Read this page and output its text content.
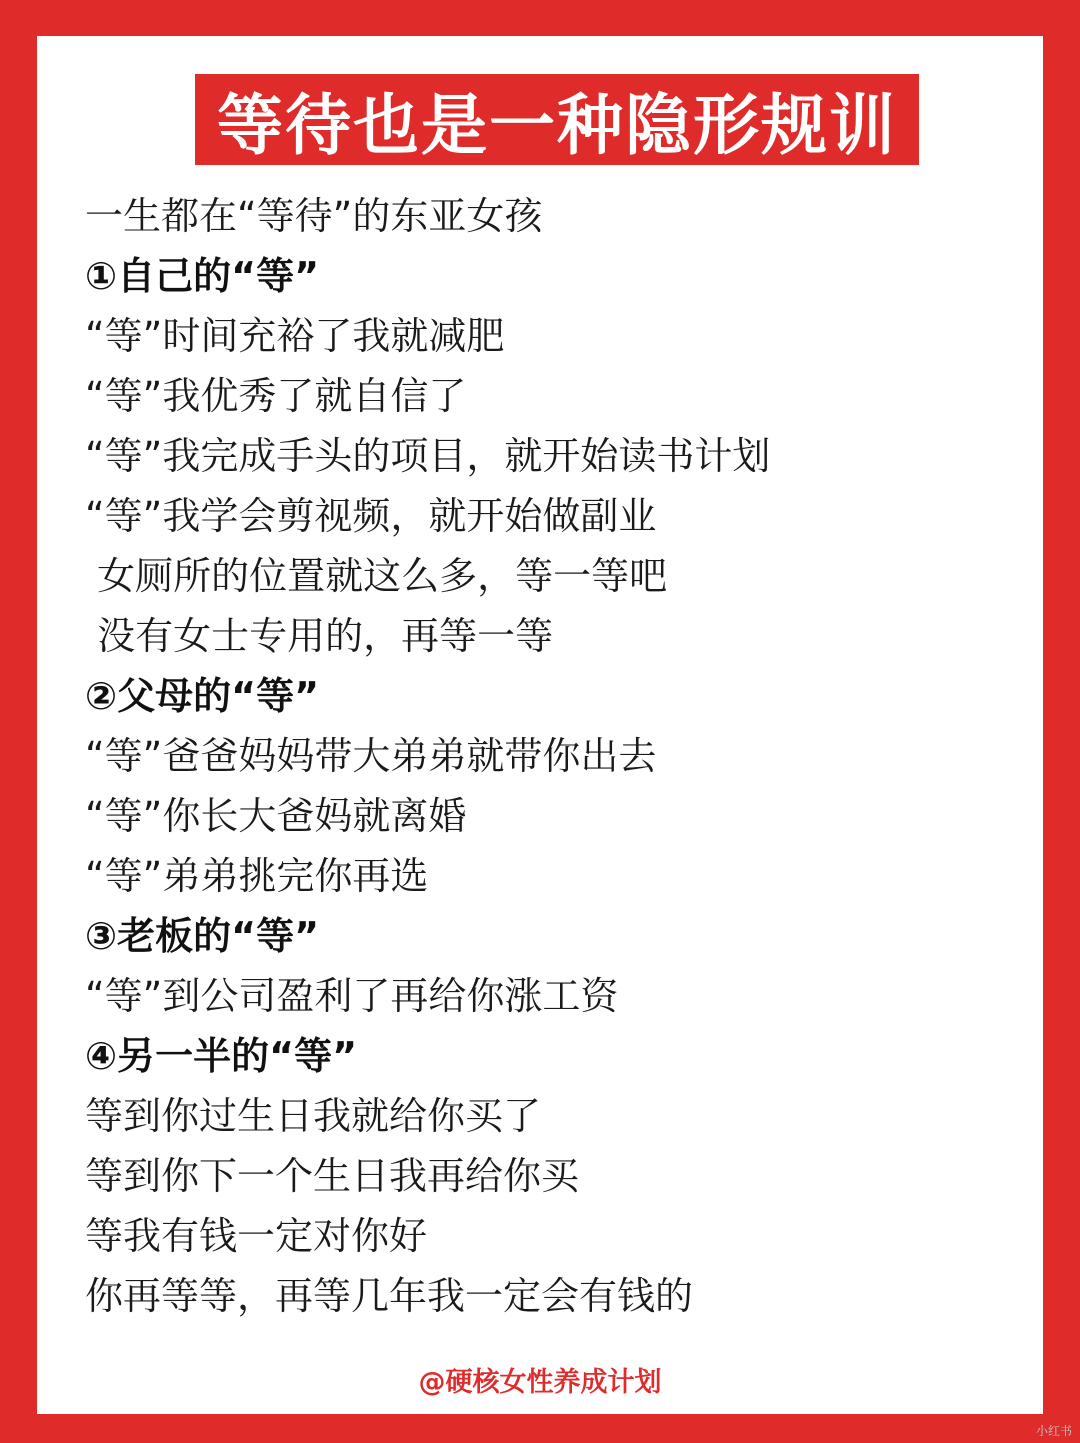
等待也是一种隐形规训
一生都在“等待”的东亚女孩
①自己的“等”
“等”时间充裕了我就减肥
“等”我优秀了就自信了
“等”我完成手头的项目，就开始读书计划
“等”我学会剪视频，就开始做副业
女厕所的位置就这么多，等一等吧
没有女士专用的，再等一等
②父母的“等”
“等”爸爸妈妈带大弟弟就带你出去
“等”你长大爸妈就离婚
“等”弟弟挑完你再选
③老板的“等”
“等”到公司盈利了再给你涨工资
④另一半的“等”
等到你过生日我就给你买了
等到你下一个生日我再给你买
等我有钱一定对你好
你再等等，再等几年我一定会有钱的
@硬核女性养成计划
小红书
